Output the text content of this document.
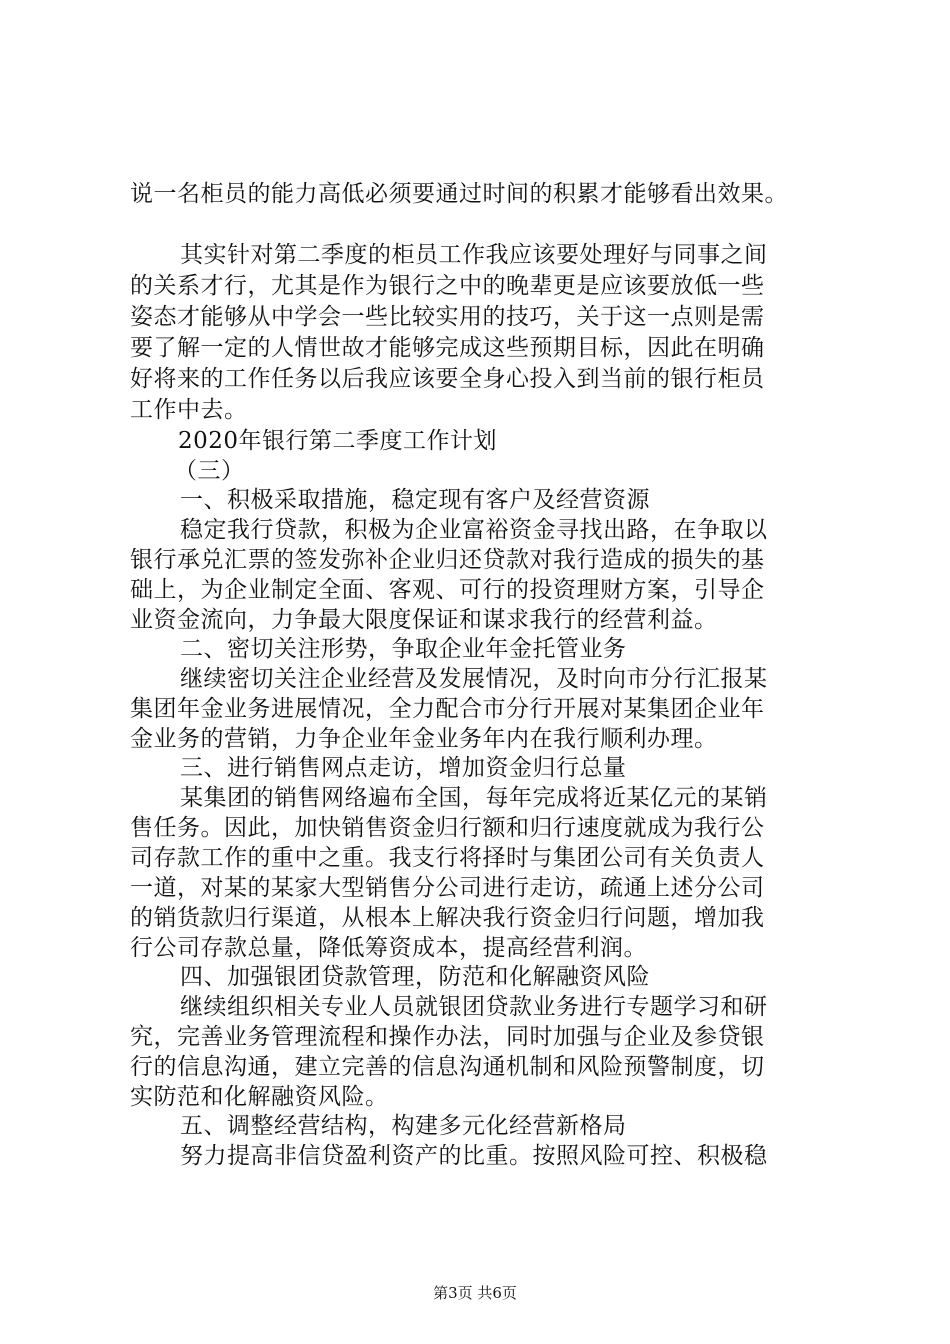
说一名柜员的能力高低必须要通过时间的积累才能够看出效果。
其实针对第二季度的柜员工作我应该要处理好与同事之间
的关系才行，尤其是作为银行之中的晚辈更是应该要放低一些
姿态才能够从中学会一些比较实用的技巧，关于这一点则是需
要了解一定的人情世故才能够完成这些预期目标，因此在明确
好将来的工作任务以后我应该要全身心投入到当前的银行柜员
工作中去。
2020年银行第二季度工作计划
（三）
一、积极采取措施，稳定现有客户及经营资源
稳定我行贷款，积极为企业富裕资金寻找出路，在争取以
银行承兑汇票的签发弥补企业归还贷款对我行造成的损失的基
础上，为企业制定全面、客观、可行的投资理财方案，引导企
业资金流向，力争最大限度保证和谋求我行的经营利益。
二、密切关注形势，争取企业年金托管业务
继续密切关注企业经营及发展情况，及时向市分行汇报某
集团年金业务进展情况，全力配合市分行开展对某集团企业年
金业务的营销，力争企业年金业务年内在我行顺利办理。
三、进行销售网点走访，增加资金归行总量
某集团的销售网络遍布全国，每年完成将近某亿元的某销
售任务。因此，加快销售资金归行额和归行速度就成为我行公
司存款工作的重中之重。我支行将择时与集团公司有关负责人
一道，对某的某家大型销售分公司进行走访，疏通上述分公司
的销货款归行渠道，从根本上解决我行资金归行问题，增加我
行公司存款总量，降低筹资成本，提高经营利润。
四、加强银团贷款管理，防范和化解融资风险
继续组织相关专业人员就银团贷款业务进行专题学习和研
究，完善业务管理流程和操作办法，同时加强与企业及参贷银
行的信息沟通，建立完善的信息沟通机制和风险预警制度，切
实防范和化解融资风险。
五、调整经营结构，构建多元化经营新格局
努力提高非信贷盈利资产的比重。按照风险可控、积极稳
第3页 共6页
